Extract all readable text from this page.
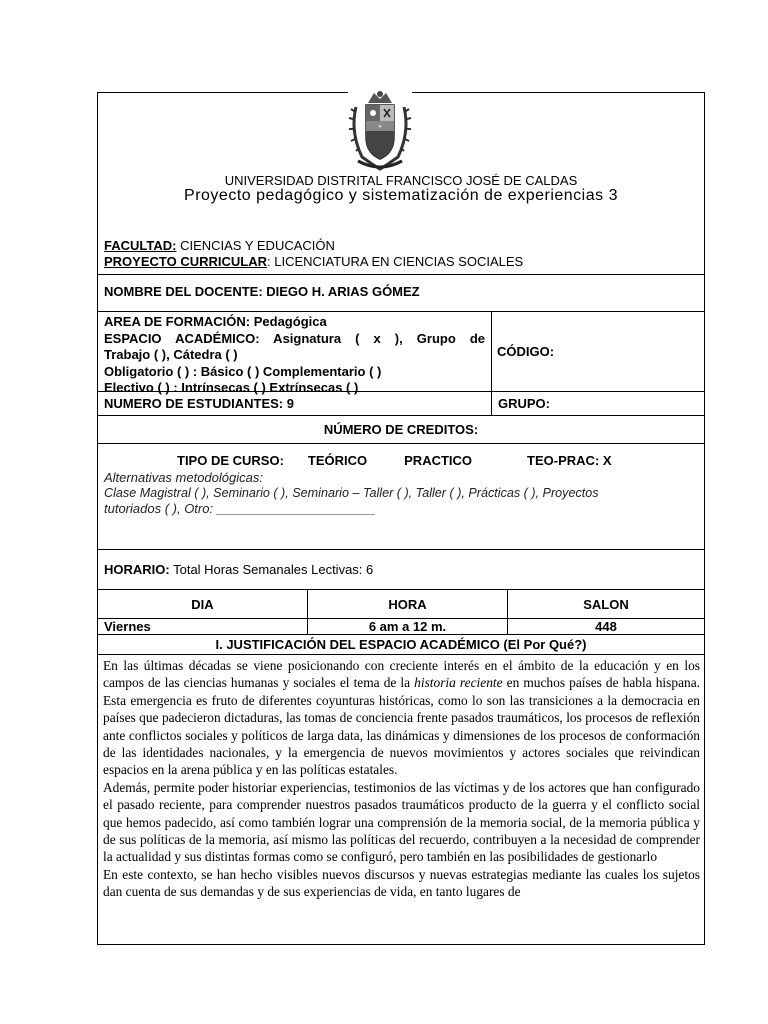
✦
UNIVERSIDAD DISTRITAL FRANCISCO JOSÉ DE CALDAS
Proyecto pedagógico y sistematización de experiencias 3
FACULTAD: CIENCIAS Y EDUCACIÓN
PROYECTO CURRICULAR: LICENCIATURA EN CIENCIAS SOCIALES
NOMBRE DEL DOCENTE: DIEGO H. ARIAS GÓMEZ
AREA DE FORMACIÓN: Pedagógica
ESPACIO ACADÉMICO: Asignatura ( x ), Grupo de
Trabajo ( ), Cátedra ( )
Obligatorio ( ) : Básico ( ) Complementario ( )
Electivo ( ) : Intrínsecas ( ) Extrínsecas ( )
CÓDIGO:
NUMERO DE ESTUDIANTES: 9	GRUPO:
NÚMERO DE CREDITOS:
TIPO DE CURSO: TEÓRICO	PRACTICO	TEO-PRAC: X
Alternativas metodológicas:
Clase Magistral ( ), Seminario ( ), Seminario – Taller ( ), Taller ( ), Prácticas ( ), Proyectos
tutoriados ( ), Otro: ______________________
HORARIO: Total Horas Semanales Lectivas: 6
DIA	HORA	SALON
Viernes	6 am a 12 m.	448
I. JUSTIFICACIÓN DEL ESPACIO ACADÉMICO (El Por Qué?)

En las últimas décadas se viene posicionando con creciente interés en el ámbito de la educación y en los campos de las ciencias humanas y sociales el tema de la historia reciente en muchos países de habla hispana. Esta emergencia es fruto de diferentes coyunturas históricas, como lo son las transiciones a la democracia en países que padecieron dictaduras, las tomas de conciencia frente pasados traumáticos, los procesos de reflexión ante conflictos sociales y políticos de larga data, las dinámicas y dimensiones de los procesos de conformación de las identidades nacionales, y la emergencia de nuevos movimientos y actores sociales que reivindican espacios en la arena pública y en las políticas estatales.

Además, permite poder historiar experiencias, testimonios de las víctimas y de los actores que han configurado el pasado reciente, para comprender nuestros pasados traumáticos producto de la guerra y el conflicto social que hemos padecido, así como también lograr una comprensión de la memoria social, de la memoria pública y de sus políticas de la memoria, así mismo las políticas del recuerdo, contribuyen a la necesidad de comprender la actualidad y sus distintas formas como se configuró, pero también en las posibilidades de gestionarlo

En este contexto, se han hecho visibles nuevos discursos y nuevas estrategias mediante las cuales los sujetos dan cuenta de sus demandas y de sus experiencias de vida, en tanto lugares de
